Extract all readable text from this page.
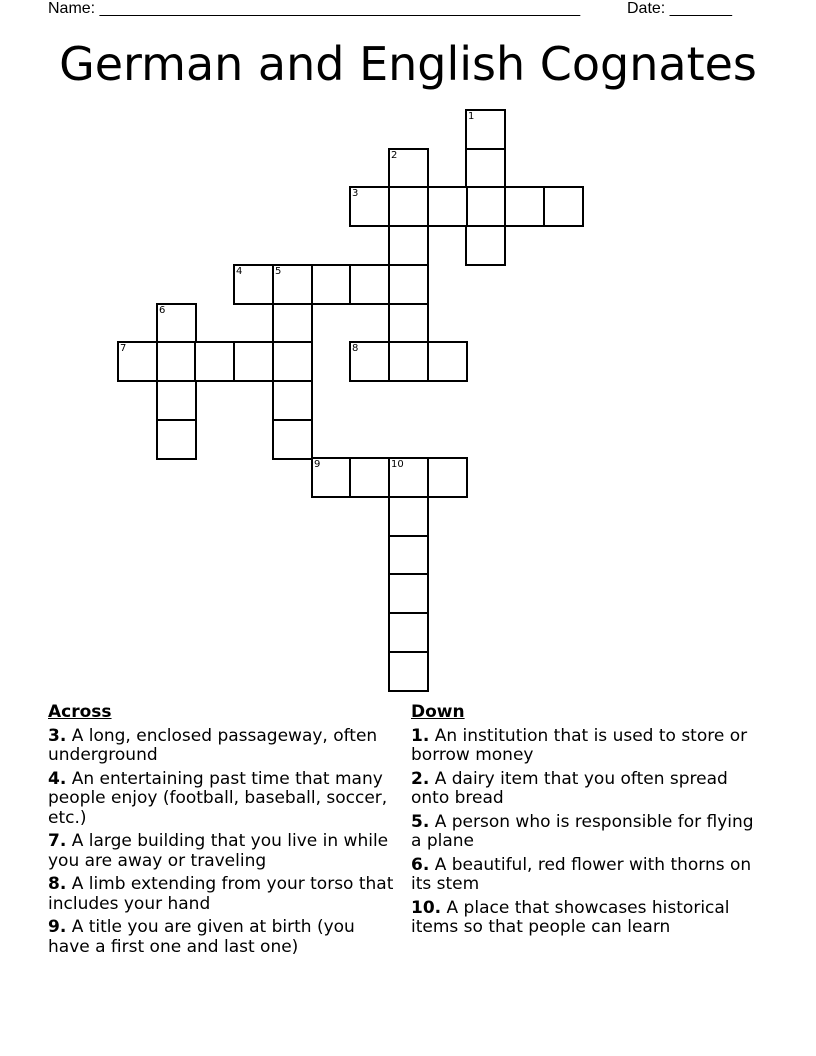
Name: ______________________________________________________	Date: _______
German and English Cognates
1
2
3
4	5
6
7	8
9	10
Across
3. A long, enclosed passageway, often underground
4. An entertaining past time that many people enjoy (football, baseball, soccer, etc.)
7. A large building that you live in while you are away or traveling
8. A limb extending from your torso that includes your hand
9. A title you are given at birth (you have a first one and last one)
Down
1. An institution that is used to store or borrow money
2. A dairy item that you often spread onto bread
5. A person who is responsible for flying a plane
6. A beautiful, red flower with thorns on its stem
10. A place that showcases historical items so that people can learn
